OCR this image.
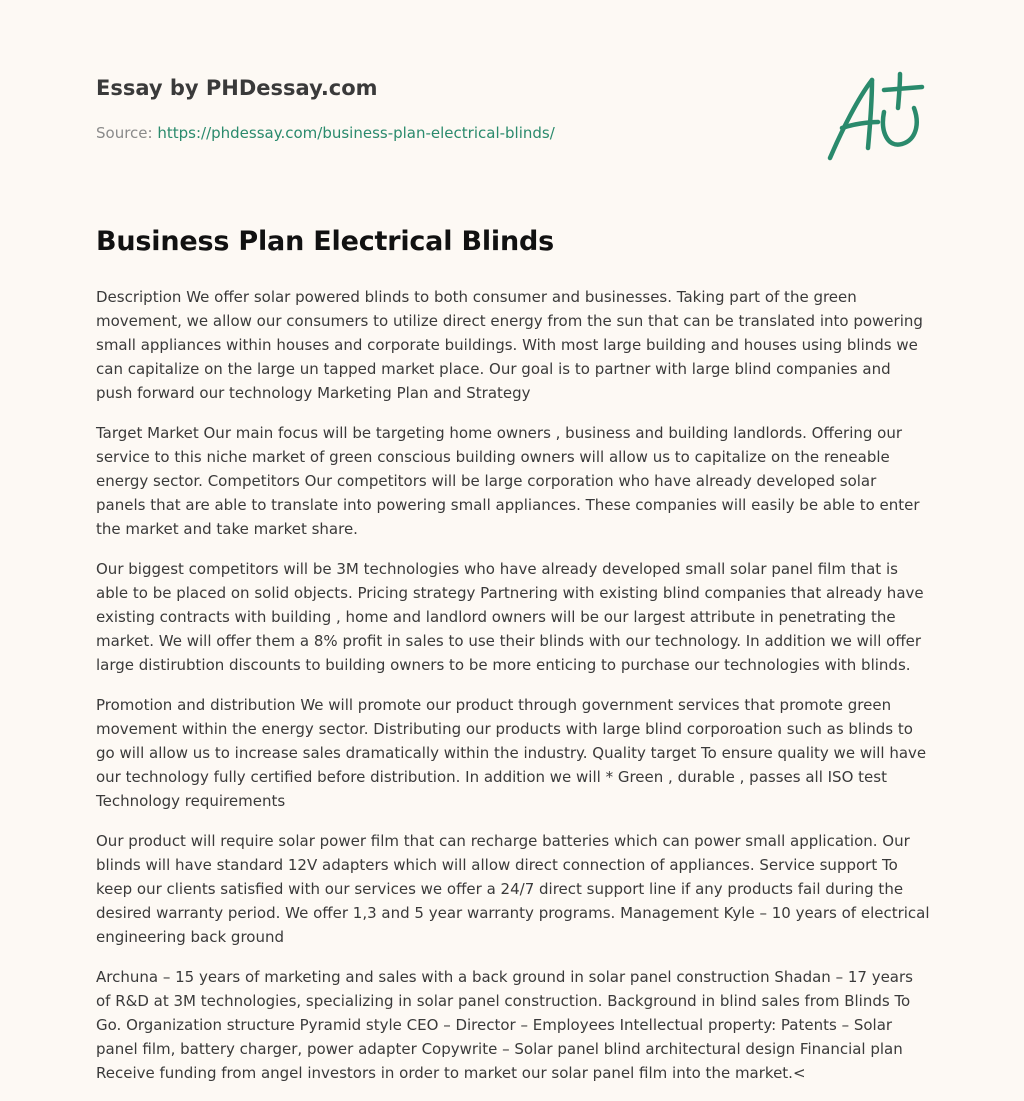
Essay by PHDessay.com

Source: https://phdessay.com/business-plan-electrical-blinds/

Business Plan Electrical Blinds

Description We offer solar powered blinds to both consumer and businesses. Taking part of the green movement, we allow our consumers to utilize direct energy from the sun that can be translated into powering small appliances within houses and corporate buildings. With most large building and houses using blinds we can capitalize on the large un tapped market place. Our goal is to partner with large blind companies and push forward our technology Marketing Plan and Strategy

Target Market Our main focus will be targeting home owners , business and building landlords. Offering our service to this niche market of green conscious building owners will allow us to capitalize on the reneable energy sector. Competitors Our competitors will be large corporation who have already developed solar panels that are able to translate into powering small appliances. These companies will easily be able to enter the market and take market share.

Our biggest competitors will be 3M technologies who have already developed small solar panel film that is able to be placed on solid objects. Pricing strategy Partnering with existing blind companies that already have existing contracts with building , home and landlord owners will be our largest attribute in penetrating the market. We will offer them a 8% profit in sales to use their blinds with our technology. In addition we will offer large distirubtion discounts to building owners to be more enticing to purchase our technologies with blinds.

Promotion and distribution We will promote our product through government services that promote green movement within the energy sector. Distributing our products with large blind corporoation such as blinds to go will allow us to increase sales dramatically within the industry. Quality target To ensure quality we will have our technology fully certified before distribution. In addition we will * Green , durable , passes all ISO test Technology requirements

Our product will require solar power film that can recharge batteries which can power small application. Our blinds will have standard 12V adapters which will allow direct connection of appliances. Service support To keep our clients satisfied with our services we offer a 24/7 direct support line if any products fail during the desired warranty period. We offer 1,3 and 5 year warranty programs. Management Kyle – 10 years of electrical engineering back ground

Archuna – 15 years of marketing and sales with a back ground in solar panel construction Shadan – 17 years of R&D at 3M technologies, specializing in solar panel construction. Background in blind sales from Blinds To Go. Organization structure Pyramid style CEO – Director – Employees Intellectual property: Patents – Solar panel film, battery charger, power adapter Copywrite – Solar panel blind architectural design Financial plan Receive funding from angel investors in order to market our solar panel film into the market.<
